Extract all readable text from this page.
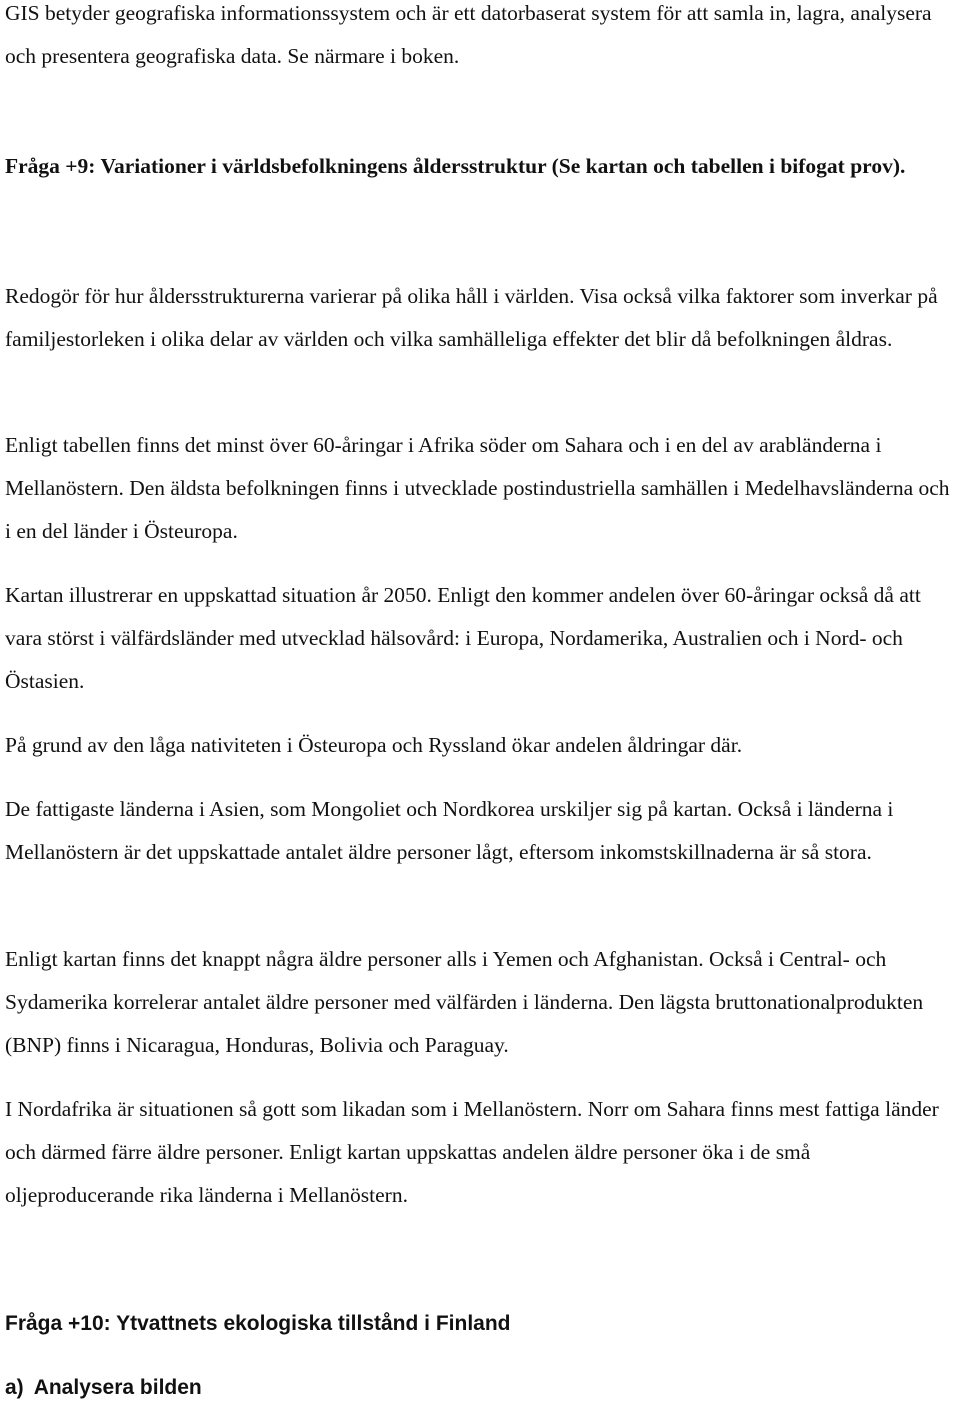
GIS betyder geografiska informationssystem och är ett datorbaserat system för att samla in, lagra, analysera och presentera geografiska data. Se närmare i boken.

Fråga +9: Variationer i världsbefolkningens åldersstruktur (Se kartan och tabellen i bifogat prov).

Redogör för hur åldersstrukturerna varierar på olika håll i världen. Visa också vilka faktorer som inverkar på familjestorleken i olika delar av världen och vilka samhälleliga effekter det blir då befolkningen åldras.

Enligt tabellen finns det minst över 60-åringar i Afrika söder om Sahara och i en del av arabländerna i Mellanöstern. Den äldsta befolkningen finns i utvecklade postindustriella samhällen i Medelhavsländerna och i en del länder i Östeuropa.

Kartan illustrerar en uppskattad situation år 2050. Enligt den kommer andelen över 60-åringar också då att vara störst i välfärdsländer med utvecklad hälsovård: i Europa, Nordamerika, Australien och i Nord- och Östasien.

På grund av den låga nativiteten i Östeuropa och Ryssland ökar andelen åldringar där.

De fattigaste länderna i Asien, som Mongoliet och Nordkorea urskiljer sig på kartan. Också i länderna i Mellanöstern är det uppskattade antalet äldre personer lågt, eftersom inkomstskillnaderna är så stora.

Enligt kartan finns det knappt några äldre personer alls i Yemen och Afghanistan. Också i Central- och Sydamerika korrelerar antalet äldre personer med välfärden i länderna. Den lägsta bruttonationalprodukten (BNP) finns i Nicaragua, Honduras, Bolivia och Paraguay.

I Nordafrika är situationen så gott som likadan som i Mellanöstern. Norr om Sahara finns mest fattiga länder och därmed färre äldre personer. Enligt kartan uppskattas andelen äldre personer öka i de små oljeproducerande rika länderna i Mellanöstern.

Fråga +10: Ytvattnets ekologiska tillstånd i Finland

a) Analysera bilden
